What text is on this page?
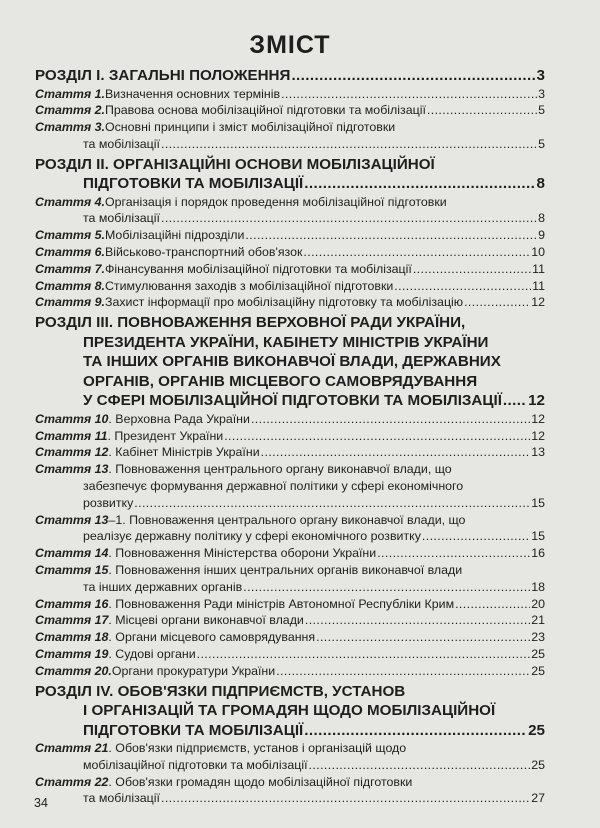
ЗМІСТ
РОЗДІЛ І. ЗАГАЛЬНІ ПОЛОЖЕННЯ .....	3
Стаття 1. Визначення основних термінів .....	3
Стаття 2. Правова основа мобілізаційної підготовки та мобілізації .....	5
Стаття 3. Основні принципи і зміст мобілізаційної підготовки
та мобілізації .....	5
РОЗДІЛ ІІ. ОРГАНІЗАЦІЙНІ ОСНОВИ МОБІЛІЗАЦІЙНОЇ
ПІДГОТОВКИ ТА МОБІЛІЗАЦІЇ .....	8
Стаття 4. Організація і порядок проведення мобілізаційної підготовки
та мобілізації .....	8
Стаття 5. Мобілізаційні підрозділи .....	9
Стаття 6. Військово-транспортний обов'язок .....	10
Стаття 7. Фінансування мобілізаційної підготовки та мобілізації .....	11
Стаття 8. Стимулювання заходів з мобілізаційної підготовки .....	11
Стаття 9. Захист інформації про мобілізаційну підготовку та мобілізацію .....	12
РОЗДІЛ ІІІ. ПОВНОВАЖЕННЯ ВЕРХОВНОЇ РАДИ УКРАЇНИ,
ПРЕЗИДЕНТА УКРАЇНИ, КАБІНЕТУ МІНІСТРІВ УКРАЇНИ
ТА ІНШИХ ОРГАНІВ ВИКОНАВЧОЇ ВЛАДИ, ДЕРЖАВНИХ
ОРГАНІВ, ОРГАНІВ МІСЦЕВОГО САМОВРЯДУВАННЯ
У СФЕРІ МОБІЛІЗАЦІЙНОЇ ПІДГОТОВКИ ТА МОБІЛІЗАЦІЇ ..... 12
Стаття 10 . Верховна Рада України .....	12
Стаття 11 . Президент України .....	12
Стаття 12 . Кабінет Міністрів України .....	13
Стаття 13 . Повноваження центрального органу виконавчої влади, що
забезпечує формування державної політики у сфері економічного
розвитку .....	15
Стаття 13 –1. Повноваження центрального органу виконавчої влади, що
реалізує державну політику у сфері економічного розвитку .....	15
Стаття 14 . Повноваження Міністерства оборони України .....	16
Стаття 15 . Повноваження інших центральних органів виконавчої влади
та інших державних органів .....	18
Стаття 16 . Повноваження Ради міністрів Автономної Республіки Крим .....	20
Стаття 17 . Місцеві органи виконавчої влади .....	21
Стаття 18 . Органи місцевого самоврядування .....	23
Стаття 19 . Судові органи .....	25
Стаття 20. Органи прокуратури України .....	25
РОЗДІЛ IV. ОБОВ'ЯЗКИ ПІДПРИЄМСТВ, УСТАНОВ
І ОРГАНІЗАЦІЙ ТА ГРОМАДЯН ЩОДО МОБІЛІЗАЦІЙНОЇ
ПІДГОТОВКИ ТА МОБІЛІЗАЦІЇ .....	25
Стаття 21 . Обов'язки підприємств, установ і організацій щодо
мобілізаційної підготовки та мобілізації .....	25
Стаття 22 . Обов'язки громадян щодо мобілізаційної підготовки
та мобілізації .....	27
34
